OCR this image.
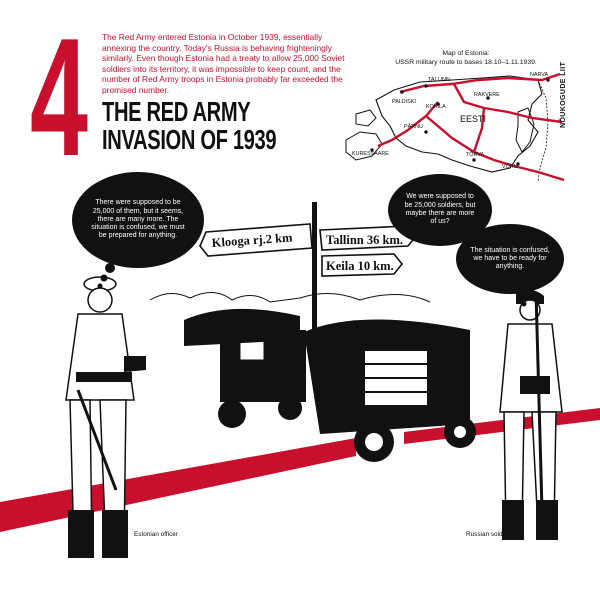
4 The Red Army entered Estonia in October 1939, essentially annexing the country. Today's Russia is behaving frighteningly similarly. Even though Estonia had a treaty to allow 25,000 Soviet soldiers into its territory, it was impossible to keep count, and the number of Red Army troops in Estonia probably far exceeded the promised number.
THE RED ARMY
INVASION OF 1939
Map of Estonia:
USSR military route to bases 18.10–1.11.1939.
TALLINN
PALDISKI
NARVA
KOHILA
RAKVERE
PÄRNU
KURESSAARE	TÕRVA
VÕRU
EESTI	NÕUKOGUDE LIIT
Klooga rj.2 km	Tallinn 36 km.
Keila 10 km.
There were supposed to be 25,000 of them, but it seems, there are many more. The situation is confused, we must be prepared for anything.
We were supposed to be 25,000 soldiers, but maybe there are more of us?
The situation is confused, we have to be ready for anything.
Estonian officer	Russian soldier
